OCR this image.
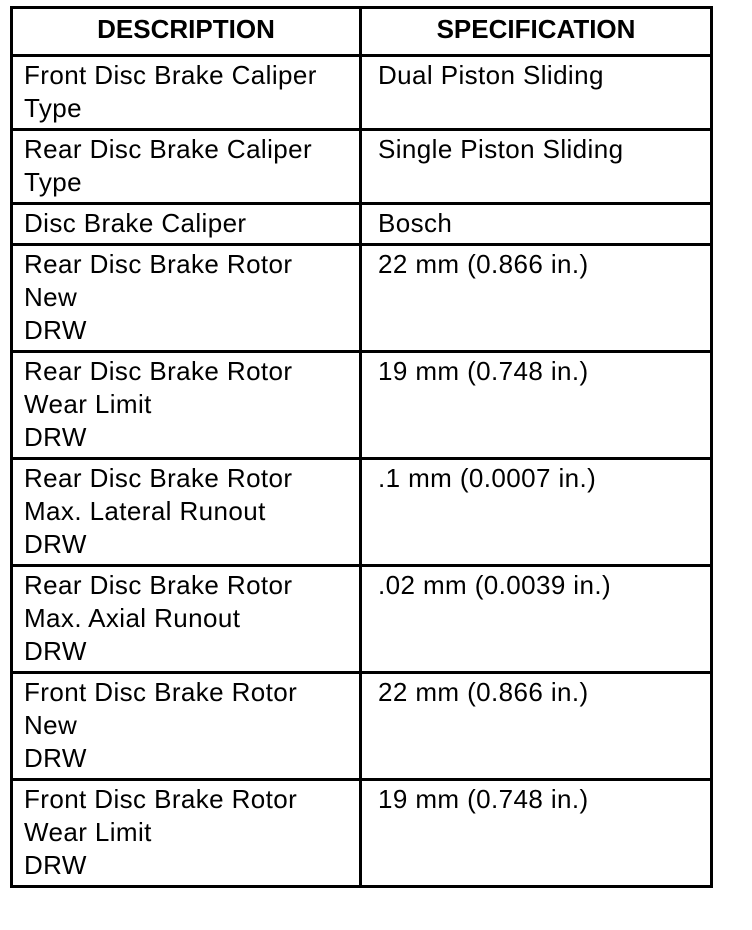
DESCRIPTION	SPECIFICATION

Front Disc Brake Caliper
Type	Dual Piston Sliding

Rear Disc Brake Caliper
Type	Single Piston Sliding

Disc Brake Caliper	Bosch

Rear Disc Brake Rotor
New
DRW	22 mm (0.866 in.)

Rear Disc Brake Rotor
Wear Limit
DRW	19 mm (0.748 in.)

Rear Disc Brake Rotor
Max. Lateral Runout
DRW	.1 mm (0.0007 in.)

Rear Disc Brake Rotor
Max. Axial Runout
DRW	.02 mm (0.0039 in.)

Front Disc Brake Rotor
New
DRW	22 mm (0.866 in.)

Front Disc Brake Rotor
Wear Limit
DRW	19 mm (0.748 in.)
